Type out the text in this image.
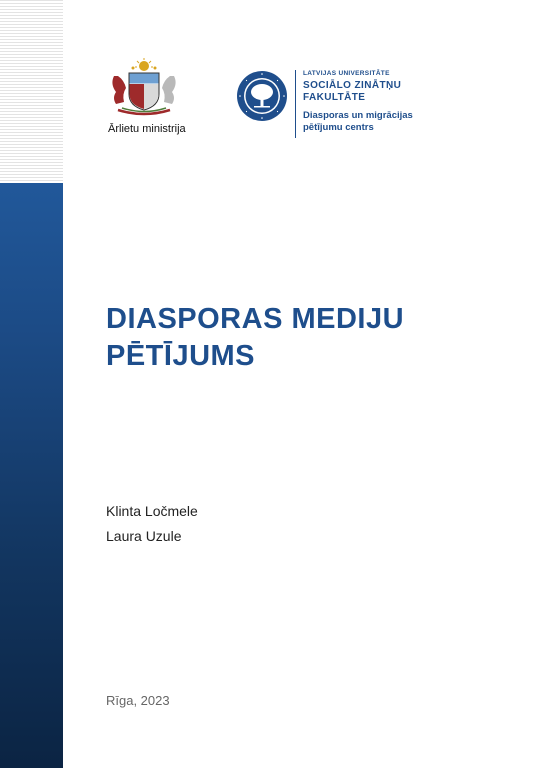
Ārlietu ministrija
LATVIJAS UNIVERSITĀTE
SOCIĀLO ZINĀTŅU
FAKULTĀTE
Diasporas un migrācijas
pētījumu centrs
DIASPORAS MEDIJU
PĒTĪJUMS
Klinta Ločmele
Laura Uzule
Rīga, 2023
